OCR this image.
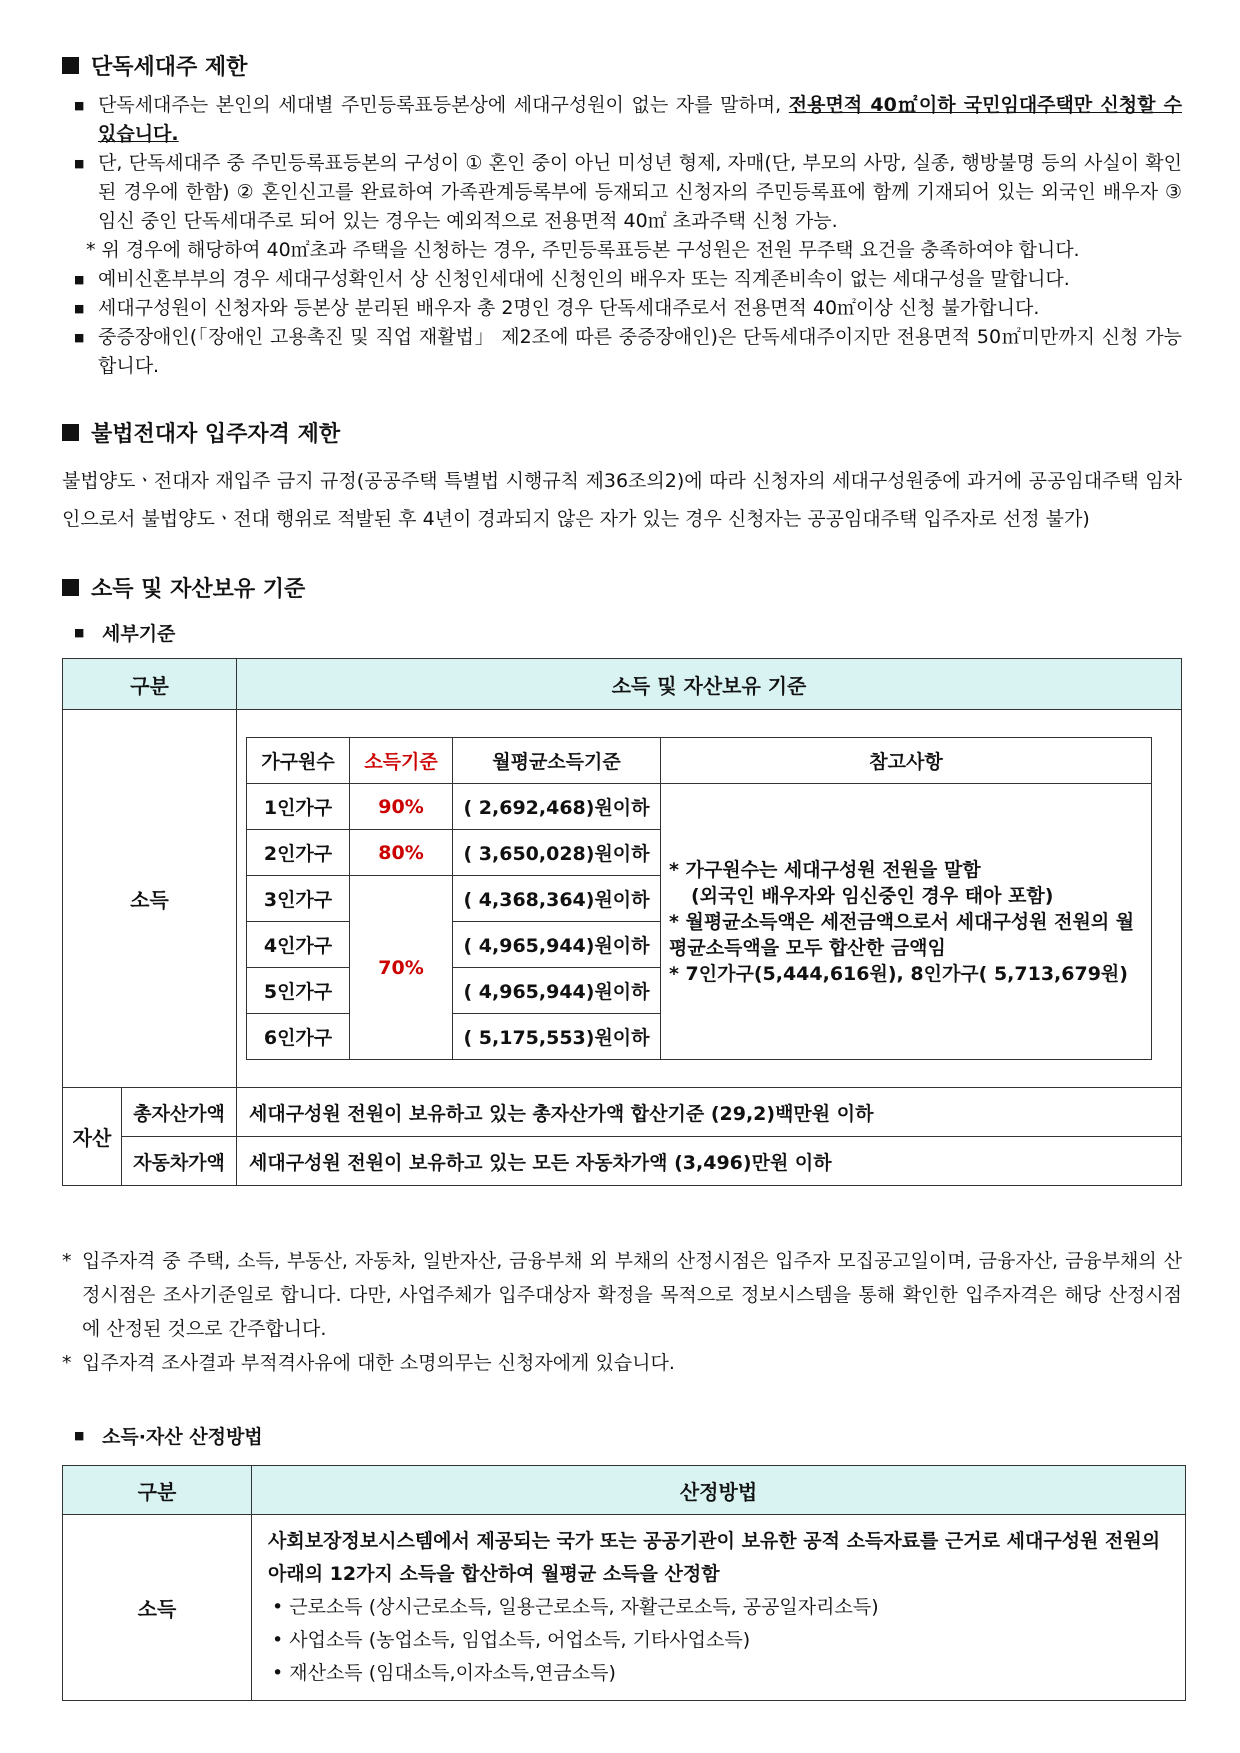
단독세대주 제한
■ 단독세대주는 본인의 세대별 주민등록표등본상에 세대구성원이 없는 자를 말하며, 전용면적 40㎡이하 국민임대주택만 신청할 수 있습니다.
■ 단, 단독세대주 중 주민등록표등본의 구성이 ① 혼인 중이 아닌 미성년 형제, 자매(단, 부모의 사망, 실종, 행방불명 등의 사실이 확인된 경우에 한함) ② 혼인신고를 완료하여 가족관계등록부에 등재되고 신청자의 주민등록표에 함께 기재되어 있는 외국인 배우자 ③ 임신 중인 단독세대주로 되어 있는 경우는 예외적으로 전용면적 40㎡ 초과주택 신청 가능.
* 위 경우에 해당하여 40㎡초과 주택을 신청하는 경우, 주민등록표등본 구성원은 전원 무주택 요건을 충족하여야 합니다.
■ 예비신혼부부의 경우 세대구성확인서 상 신청인세대에 신청인의 배우자 또는 직계존비속이 없는 세대구성을 말합니다.
■ 세대구성원이 신청자와 등본상 분리된 배우자 총 2명인 경우 단독세대주로서 전용면적 40㎡이상 신청 불가합니다.
■ 중증장애인(「장애인 고용촉진 및 직업 재활법」 제2조에 따른 중증장애인)은 단독세대주이지만 전용면적 50㎡미만까지 신청 가능합니다.
불법전대자 입주자격 제한

불법양도ㆍ전대자 재입주 금지 규정(공공주택 특별법 시행규칙 제36조의2)에 따라 신청자의 세대구성원중에 과거에 공공임대주택 임차인으로서 불법양도ㆍ전대 행위로 적발된 후 4년이 경과되지 않은 자가 있는 경우 신청자는 공공임대주택 입주자로 선정 불가)

소득 및 자산보유 기준
■ 세부기준
구분	소득 및 자산보유 기준
소득	
가구원수	소득기준	월평균소득기준	참고사항
1인가구	90%	( 2,692,468)원이하	
* 가구원수는 세대구성원 전원을 말함
(외국인 배우자와 임신중인 경우 태아 포함)
* 월평균소득액은 세전금액으로서 세대구성원 전원의 월평균소득액을 모두 합산한 금액임
* 7인가구(5,444,616원), 8인가구( 5,713,679원)

2인가구	80%	( 3,650,028)원이하
3인가구	70%	( 4,368,364)원이하
4인가구	( 4,965,944)원이하
5인가구	( 4,965,944)원이하
6인가구	( 5,175,553)원이하

자산	총자산가액	세대구성원 전원이 보유하고 있는 총자산가액 합산기준 (29,2)백만원 이하
자동차가액	세대구성원 전원이 보유하고 있는 모든 자동차가액 (3,496)만원 이하
* 입주자격 중 주택, 소득, 부동산, 자동차, 일반자산, 금융부채 외 부채의 산정시점은 입주자 모집공고일이며, 금융자산, 금융부채의 산정시점은 조사기준일로 합니다. 다만, 사업주체가 입주대상자 확정을 목적으로 정보시스템을 통해 확인한 입주자격은 해당 산정시점에 산정된 것으로 간주합니다.
* 입주자격 조사결과 부적격사유에 대한 소명의무는 신청자에게 있습니다.
■ 소득·자산 산정방법
구분	산정방법
소득	사회보장정보시스템에서 제공되는 국가 또는 공공기관이 보유한 공적 소득자료를 근거로 세대구성원 전원의 아래의 12가지 소득을 합산하여 월평균 소득을 산정함
• 근로소득 (상시근로소득, 일용근로소득, 자활근로소득, 공공일자리소득)
• 사업소득 (농업소득, 임업소득, 어업소득, 기타사업소득)
• 재산소득 (임대소득,이자소득,연금소득)
